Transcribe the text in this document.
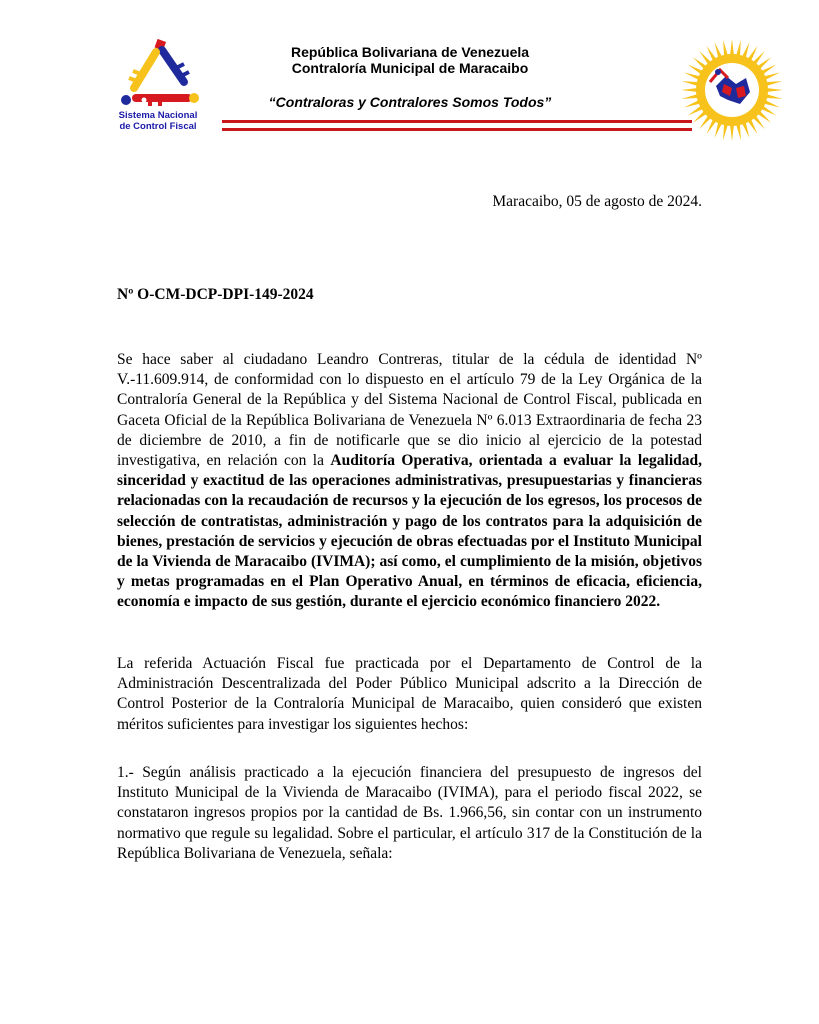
Sistema Nacional
de Control Fiscal
República Bolivariana de Venezuela
Contraloría Municipal de Maracaibo
“Contraloras y Contralores Somos Todos”
Maracaibo, 05 de agosto de 2024.
Nº O-CM-DCP-DPI-149-2024
Se hace saber al ciudadano Leandro Contreras, titular de la cédula de identidad Nº V.-11.609.914, de conformidad con lo dispuesto en el artículo 79 de la Ley Orgánica de la Contraloría General de la República y del Sistema Nacional de Control Fiscal, publicada en Gaceta Oficial de la República Bolivariana de Venezuela Nº 6.013 Extraordinaria de fecha 23 de diciembre de 2010, a fin de notificarle que se dio inicio al ejercicio de la potestad investigativa, en relación con la Auditoría Operativa, orientada a evaluar la legalidad, sinceridad y exactitud de las operaciones administrativas, presupuestarias y financieras relacionadas con la recaudación de recursos y la ejecución de los egresos, los procesos de selección de contratistas, administración y pago de los contratos para la adquisición de bienes, prestación de servicios y ejecución de obras efectuadas por el Instituto Municipal de la Vivienda de Maracaibo (IVIMA); así como, el cumplimiento de la misión, objetivos y metas programadas en el Plan Operativo Anual, en términos de eficacia, eficiencia, economía e impacto de sus gestión, durante el ejercicio económico financiero 2022.
La referida Actuación Fiscal fue practicada por el Departamento de Control de la Administración Descentralizada del Poder Público Municipal adscrito a la Dirección de Control Posterior de la Contraloría Municipal de Maracaibo, quien consideró que existen méritos suficientes para investigar los siguientes hechos:
1.- Según análisis practicado a la ejecución financiera del presupuesto de ingresos del Instituto Municipal de la Vivienda de Maracaibo (IVIMA), para el periodo fiscal 2022, se constataron ingresos propios por la cantidad de Bs. 1.966,56, sin contar con un instrumento normativo que regule su legalidad. Sobre el particular, el artículo 317 de la Constitución de la República Bolivariana de Venezuela, señala:
